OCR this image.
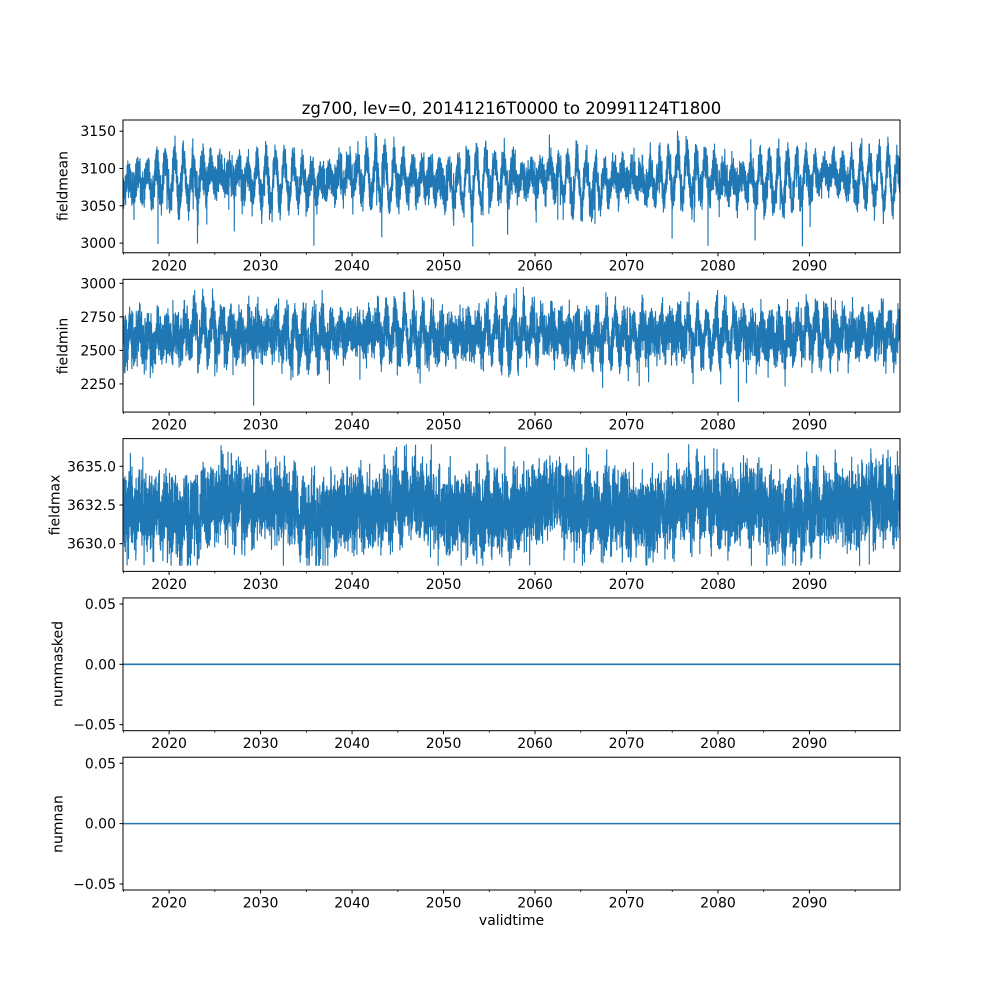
zg700, lev=0, 20141216T0000 to 20991124T1800
fieldmean
fieldmin
fieldmax
nummasked
numnan
validtime
2020	2030	2040	2050	2060	2070	2080	2090
3000
3050
3100
3150
2020	2030	2040	2050	2060	2070	2080	2090
2250
2500
2750
3000
2020	2030	2040	2050	2060	2070	2080	2090
3630.0
3632.5
3635.0
2020	2030	2040	2050	2060	2070	2080	2090
−0.05
0.00
0.05
2020	2030	2040	2050	2060	2070	2080	2090
−0.05
0.00
0.05
